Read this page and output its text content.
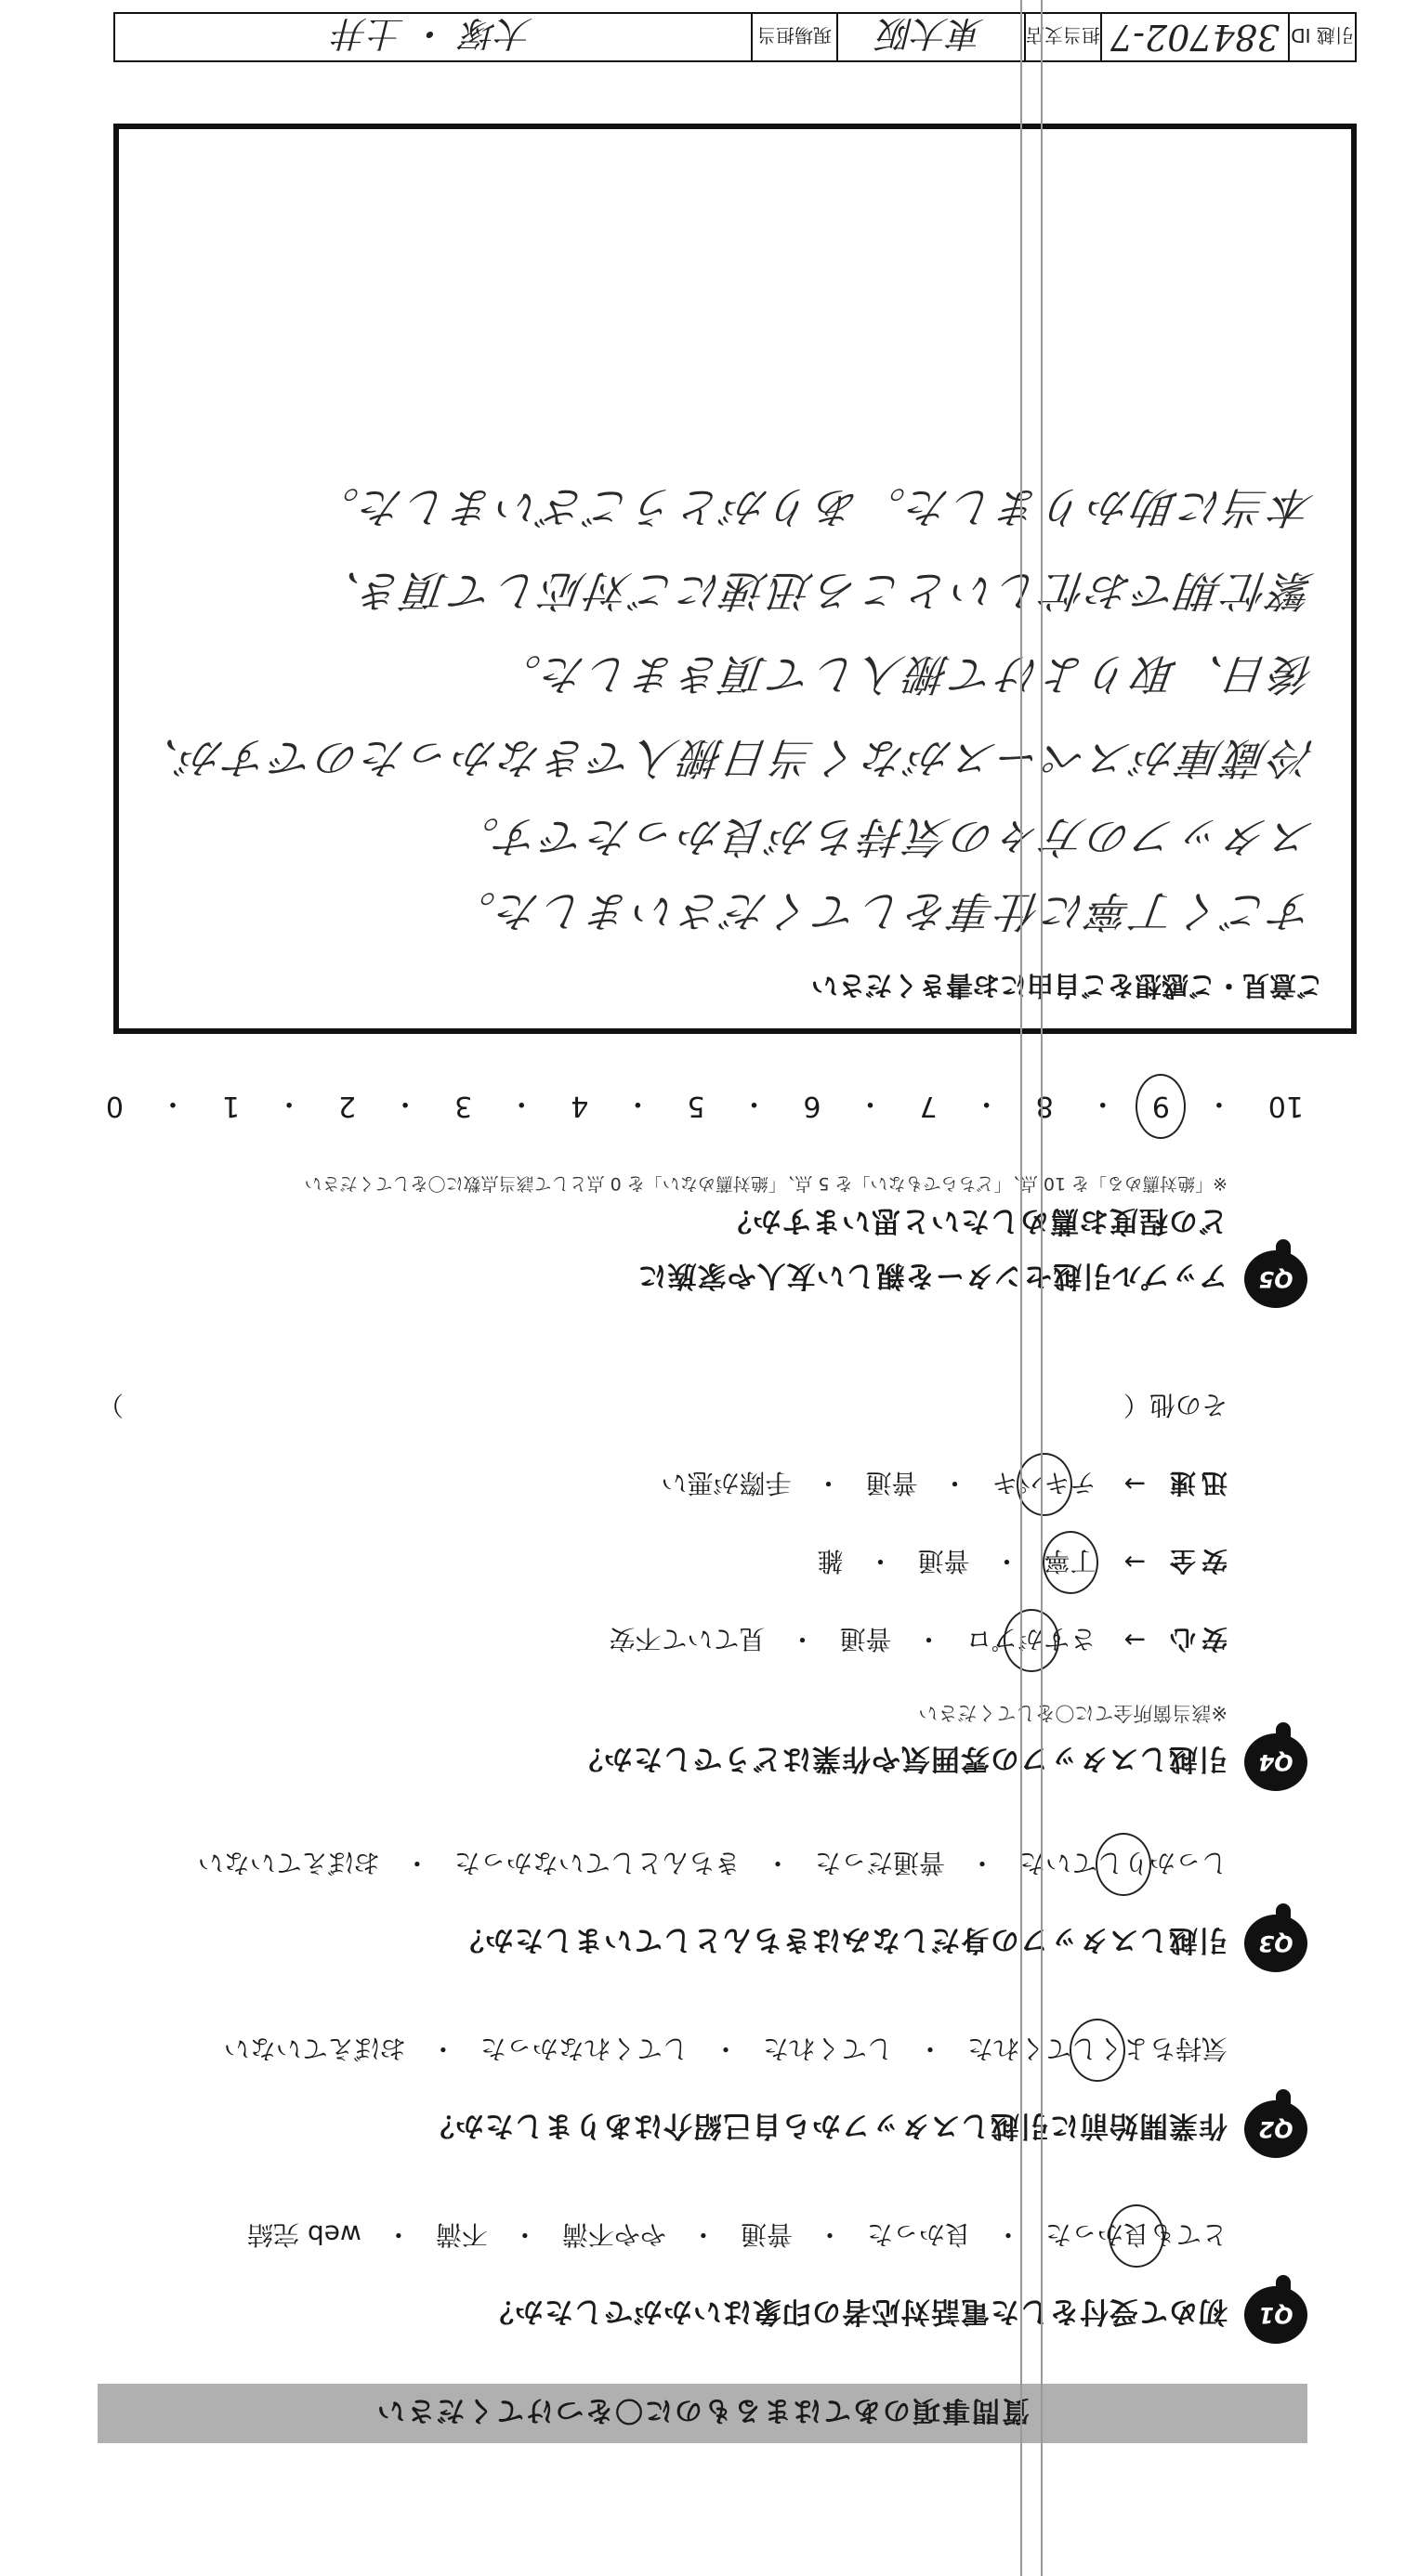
質問事項のあてはまるものに〇をつけてください
Q1
初めて受付をした電話対応者の印象はいかがでしたか？
とても良かった
・
良かった
・
普通
・
やや不満
・
不満
・
web 完結
Q2
作業開始前に引越しスタッフから自己紹介はありましたか？
気持ちよくしてくれた
・
してくれた
・
してくれなかった
・
おぼえていない
Q3
引越しスタッフの身だしなみはきちんとしていましたか？
しっかりしていた
・
普通だった
・
きちんとしていなかった
・
おぼえていない
Q4
引越しスタッフの雰囲気や作業はどうでしたか？
※該当箇所全てに〇をしてください
安心
→
さすがプロ
・
普通
・
見ていて不安
安全
→
丁寧
・
普通
・
雑
迅速
→
テキパキ
・
普通
・
手際が悪い
その他（
）
Q5
アップル引越センターを親しい友人や家族に
どの程度お薦めしたいと思いますか？
※「絶対薦める」を 10 点、「どちらでもない」を 5 点、「絶対薦めない」を 0 点として該当点数に〇をしてください
10
・
9
・
8
・
7
・
6
・
5
・
4
・
3
・
2
・
1
・
0
ご意見・ご感想をご自由にお書きください
すごく丁寧に仕事をしてくださいました。
スタッフの方々の気持ちが良かったです。
冷蔵庫がスペースがなく当日搬入できなかったのですが、
後日、取りよけて搬入して頂きました。
繁忙期でお忙しいところ迅速にご対応して頂き、
本当に助かりました。ありがとうございました。
引越 ID
384702-7
担当支店
東大阪
現場担当
大塚 ・ 土井
